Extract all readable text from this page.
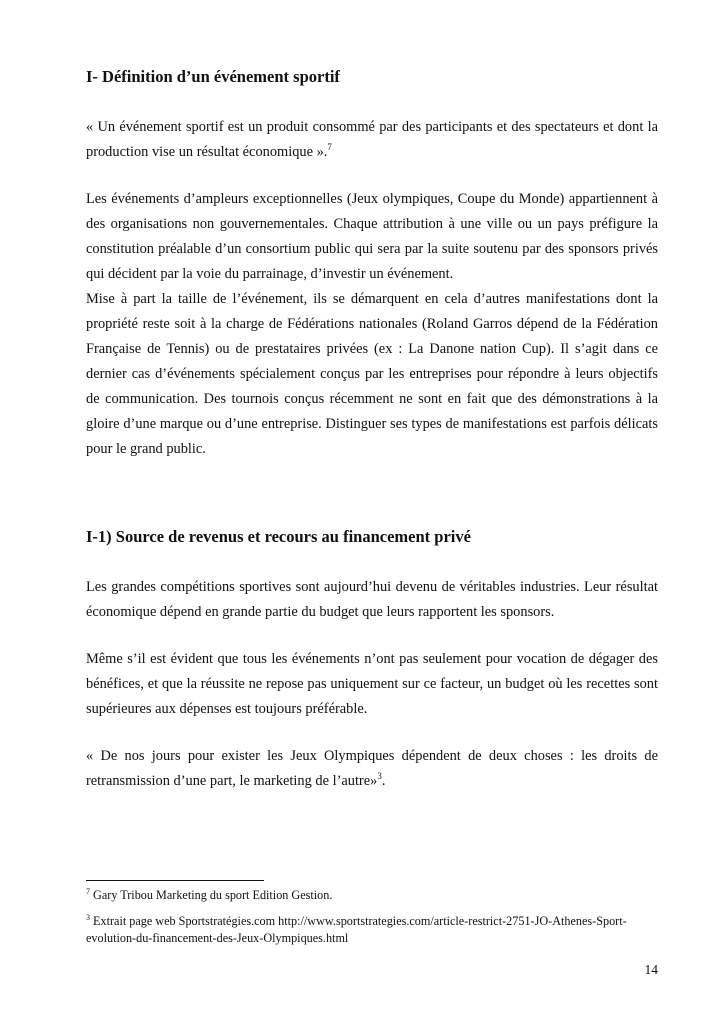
I- Définition d’un événement sportif

« Un événement sportif est un produit consommé par des participants et des spectateurs et dont la production vise un résultat économique ».$^7$

Les événements d’ampleurs exceptionnelles (Jeux olympiques, Coupe du Monde) appartiennent à des organisations non gouvernementales. Chaque attribution à une ville ou un pays préfigure la constitution préalable d’un consortium public qui sera par la suite soutenu par des sponsors privés qui décident par la voie du parrainage, d’investir un événement.

Mise à part la taille de l’événement, ils se démarquent en cela d’autres manifestations dont la propriété reste soit à la charge de Fédérations nationales (Roland Garros dépend de la Fédération Française de Tennis) ou de prestataires privées (ex : La Danone nation Cup). Il s’agit dans ce dernier cas d’événements spécialement conçus par les entreprises pour répondre à leurs objectifs de communication. Des tournois conçus récemment ne sont en fait que des démonstrations à la gloire d’une marque ou d’une entreprise. Distinguer ses types de manifestations est parfois délicats pour le grand public.

I-1) Source de revenus et recours au financement privé

Les grandes compétitions sportives sont aujourd’hui devenu de véritables industries. Leur résultat économique dépend en grande partie du budget que leurs rapportent les sponsors.

Même s’il est évident que tous les événements n’ont pas seulement pour vocation de dégager des bénéfices, et que la réussite ne repose pas uniquement sur ce facteur, un budget où les recettes sont supérieures aux dépenses est toujours préférable.

« De nos jours pour exister les Jeux Olympiques dépendent de deux choses : les droits de retransmission d’une part, le marketing de l’autre»$^3$.

$^7$ Gary Tribou Marketing du sport Edition Gestion.

$^3$ Extrait page web Sportstratégies.com http://www.sportstrategies.com/article-restrict-2751-JO-Athenes-Sport-evolution-du-financement-des-Jeux-Olympiques.html

14
